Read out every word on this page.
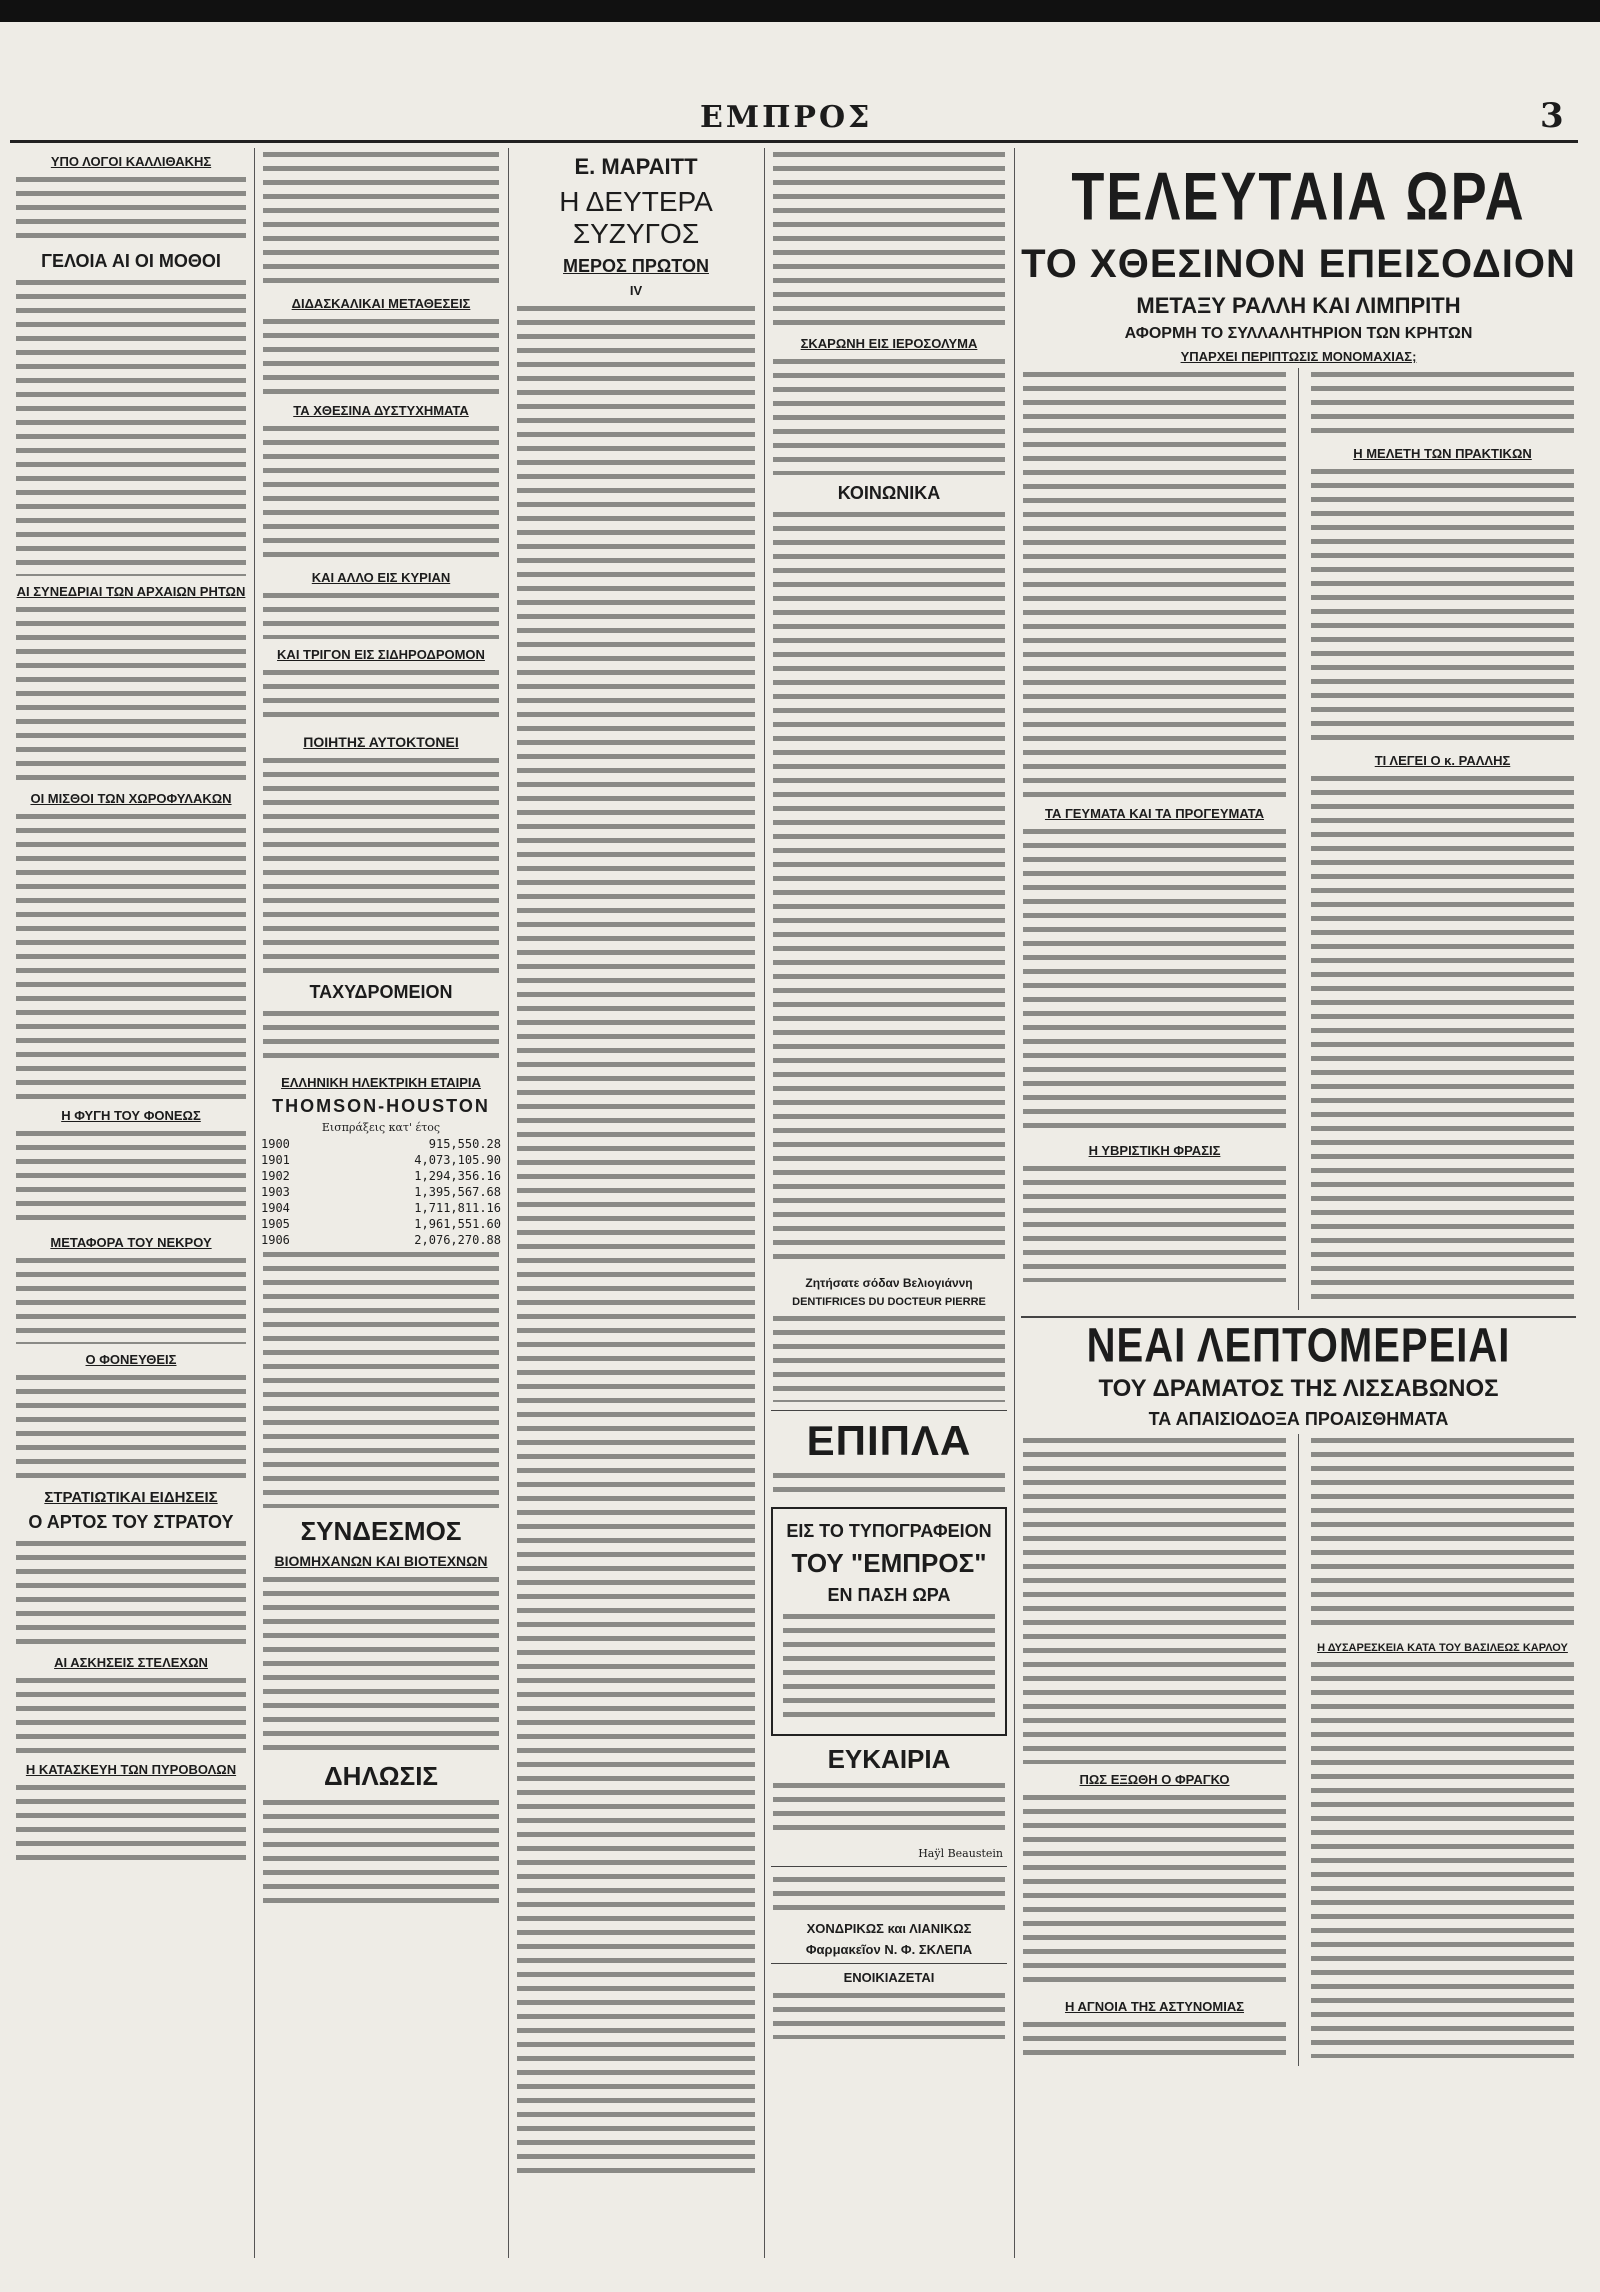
ΕΜΠΡΟΣ	3
ΥΠΟ ΛΟΓΟΙ ΚΑΛΛΙΘΑΚΗΣ
ΓΕΛΟΙΑ ΑΙ ΟΙ ΜΟΘΟΙ
ΑΙ ΣΥΝΕΔΡΙΑΙ ΤΩΝ ΑΡΧΑΙΩΝ ΡΗΤΩΝ
ΟΙ ΜΙΣΘΟΙ ΤΩΝ ΧΩΡΟΦΥΛΑΚΩΝ
Η ΦΥΓΗ ΤΟΥ ΦΟΝΕΩΣ
ΜΕΤΑΦΟΡΑ ΤΟΥ ΝΕΚΡΟΥ
Ο ΦΟΝΕΥΘΕΙΣ
ΣΤΡΑΤΙΩΤΙΚΑΙ ΕΙΔΗΣΕΙΣ
Ο ΑΡΤΟΣ ΤΟΥ ΣΤΡΑΤΟΥ
ΑΙ ΑΣΚΗΣΕΙΣ ΣΤΕΛΕΧΩΝ
Η ΚΑΤΑΣΚΕΥΗ ΤΩΝ ΠΥΡΟΒΟΛΩΝ
ΔΙΔΑΣΚΑΛΙΚΑΙ ΜΕΤΑΘΕΣΕΙΣ
ΤΑ ΧΘΕΣΙΝΑ ΔΥΣΤΥΧΗΜΑΤΑ
ΚΑΙ ΑΛΛΟ ΕΙΣ ΚΥΡΙΑΝ
ΚΑΙ ΤΡΙΓΟΝ ΕΙΣ ΣΙΔΗΡΟΔΡΟΜΟΝ
ΠΟΙΗΤΗΣ ΑΥΤΟΚΤΟΝΕΙ
ΤΑΧΥΔΡΟΜΕΙΟΝ
ΕΛΛΗΝΙΚΗ ΗΛΕΚΤΡΙΚΗ ΕΤΑΙΡΙΑ
THOMSON-HOUSTON
Εισπράξεις κατ' έτος
1900	915,550.28
1901	4,073,105.90
1902	1,294,356.16
1903	1,395,567.68
1904	1,711,811.16
1905	1,961,551.60
1906	2,076,270.88
ΣΥΝΔΕΣΜΟΣ
ΒΙΟΜΗΧΑΝΩΝ ΚΑΙ ΒΙΟΤΕΧΝΩΝ
ΔΗΛΩΣΙΣ
Ε. ΜΑΡΑΙΤΤ
Η ΔΕΥΤΕΡΑ ΣΥΖΥΓΟΣ
ΜΕΡΟΣ ΠΡΩΤΟΝ
IV
ΣΚΑΡΩΝΗ ΕΙΣ ΙΕΡΟΣΟΛΥΜΑ
ΚΟΙΝΩΝΙΚΑ
Ζητήσατε σόδαν Βελιογιάννη
DENTIFRICES DU DOCTEUR PIERRE
ΕΠΙΠΛΑ
ΕΙΣ ΤΟ ΤΥΠΟΓΡΑΦΕΙΟΝ
ΤΟΥ "ΕΜΠΡΟΣ"
ΕΝ ΠΑΣΗ ΩΡΑ
ΕΥΚΑΙΡΙΑ
Haÿl Beaustein
ΧΟΝΔΡΙΚΩΣ και ΛΙΑΝΙΚΩΣ
Φαρμακεῖον Ν. Φ. ΣΚΛΕΠΑ
ΕΝΟΙΚΙΑΖΕΤΑΙ
ΤΕΛΕΥΤΑΙΑ ΩΡΑ
ΤΟ ΧΘΕΣΙΝΟΝ ΕΠΕΙΣΟΔΙΟΝ
ΜΕΤΑΞΥ ΡΑΛΛΗ ΚΑΙ ΛΙΜΠΡΙΤΗ
ΑΦΟΡΜΗ ΤΟ ΣΥΛΛΑΛΗΤΗΡΙΟΝ ΤΩΝ ΚΡΗΤΩΝ
ΥΠΑΡΧΕΙ ΠΕΡΙΠΤΩΣΙΣ ΜΟΝΟΜΑΧΙΑΣ;
ΤΑ ΓΕΥΜΑΤΑ ΚΑΙ ΤΑ ΠΡΟΓΕΥΜΑΤΑ
Η ΥΒΡΙΣΤΙΚΗ ΦΡΑΣΙΣ
Η ΜΕΛΕΤΗ ΤΩΝ ΠΡΑΚΤΙΚΩΝ
ΤΙ ΛΕΓΕΙ Ο κ. ΡΑΛΛΗΣ
ΝΕΑΙ ΛΕΠΤΟΜΕΡΕΙΑΙ
ΤΟΥ ΔΡΑΜΑΤΟΣ ΤΗΣ ΛΙΣΣΑΒΩΝΟΣ
ΤΑ ΑΠΑΙΣΙΟΔΟΞΑ ΠΡΟΑΙΣΘΗΜΑΤΑ
ΠΩΣ ΕΞΩΘΗ Ο ΦΡΑΓΚΟ
Η ΑΓΝΟΙΑ ΤΗΣ ΑΣΤΥΝΟΜΙΑΣ
Η ΔΥΣΑΡΕΣΚΕΙΑ ΚΑΤΑ ΤΟΥ ΒΑΣΙΛΕΩΣ ΚΑΡΛΟΥ
